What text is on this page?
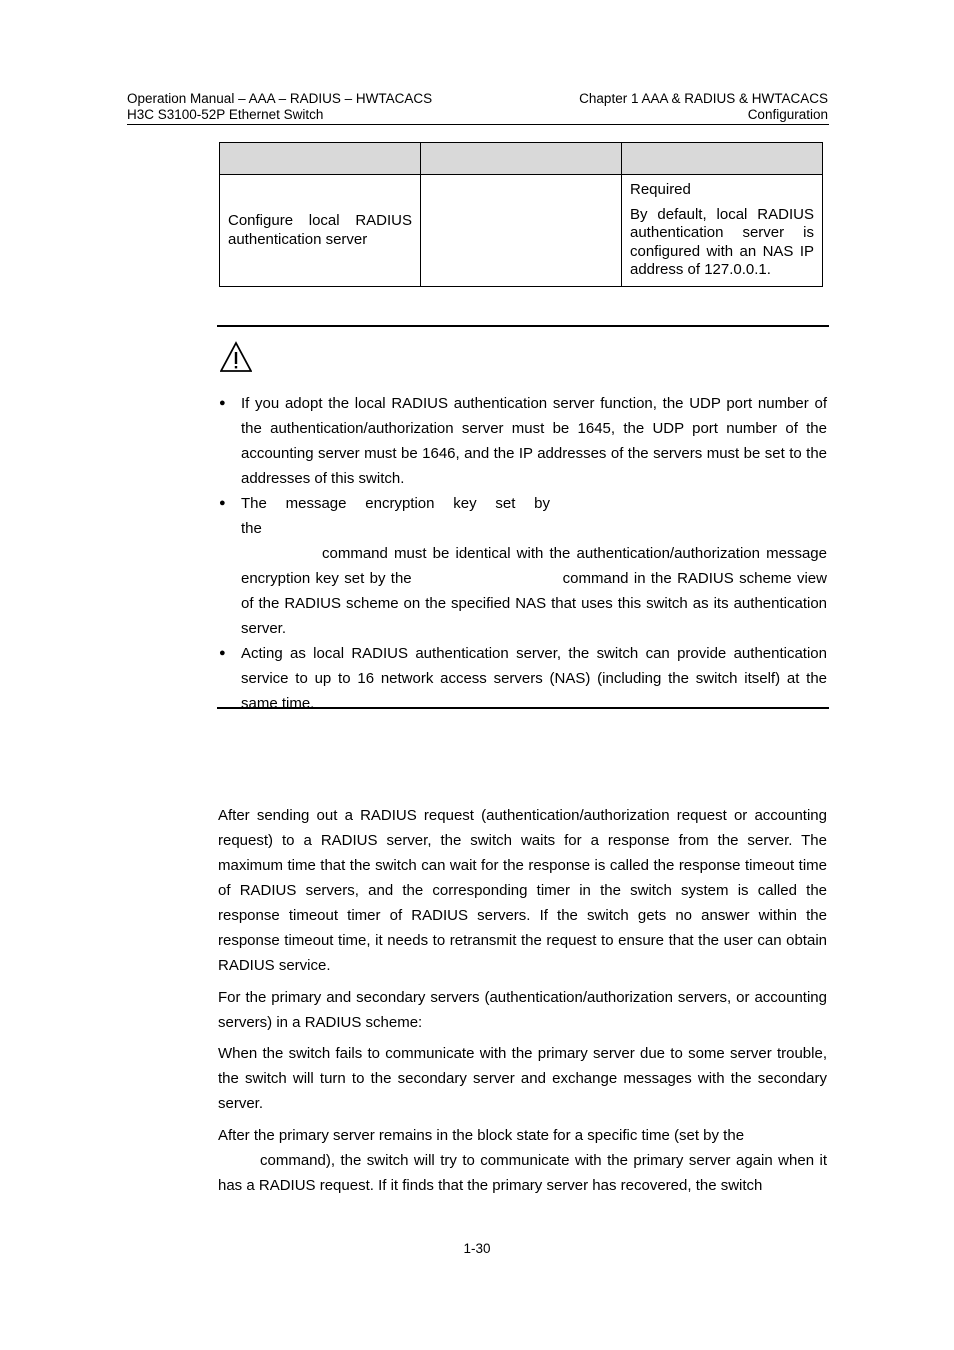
Operation Manual – AAA – RADIUS – HWTACACS
H3C S3100-52P Ethernet Switch
Chapter 1 AAA & RADIUS & HWTACACS
Configuration

Configure local RADIUS authentication server		Required

By default, local RADIUS authentication server is configured with an NAS IP address of 127.0.0.1.

● If you adopt the local RADIUS authentication server function, the UDP port number of the authentication/authorization server must be 1645, the UDP port number of the accounting server must be 1646, and the IP addresses of the servers must be set to the addresses of this switch.
● The message encryption key set by the
command must be identical with the authentication/authorization message encryption key set by the	command in the RADIUS scheme view of the RADIUS scheme on the specified NAS that uses this switch as its authentication server.
● Acting as local RADIUS authentication server, the switch can provide authentication service to up to 16 network access servers (NAS) (including the switch itself) at the same time.

After sending out a RADIUS request (authentication/authorization request or accounting request) to a RADIUS server, the switch waits for a response from the server. The maximum time that the switch can wait for the response is called the response timeout time of RADIUS servers, and the corresponding timer in the switch system is called the response timeout timer of RADIUS servers. If the switch gets no answer within the response timeout time, it needs to retransmit the request to ensure that the user can obtain RADIUS service.

For the primary and secondary servers (authentication/authorization servers, or accounting servers) in a RADIUS scheme:

When the switch fails to communicate with the primary server due to some server trouble, the switch will turn to the secondary server and exchange messages with the secondary server.

After the primary server remains in the block state for a specific time (set by the
command), the switch will try to communicate with the primary server again when it has a RADIUS request. If it finds that the primary server has recovered, the switch

1-30
